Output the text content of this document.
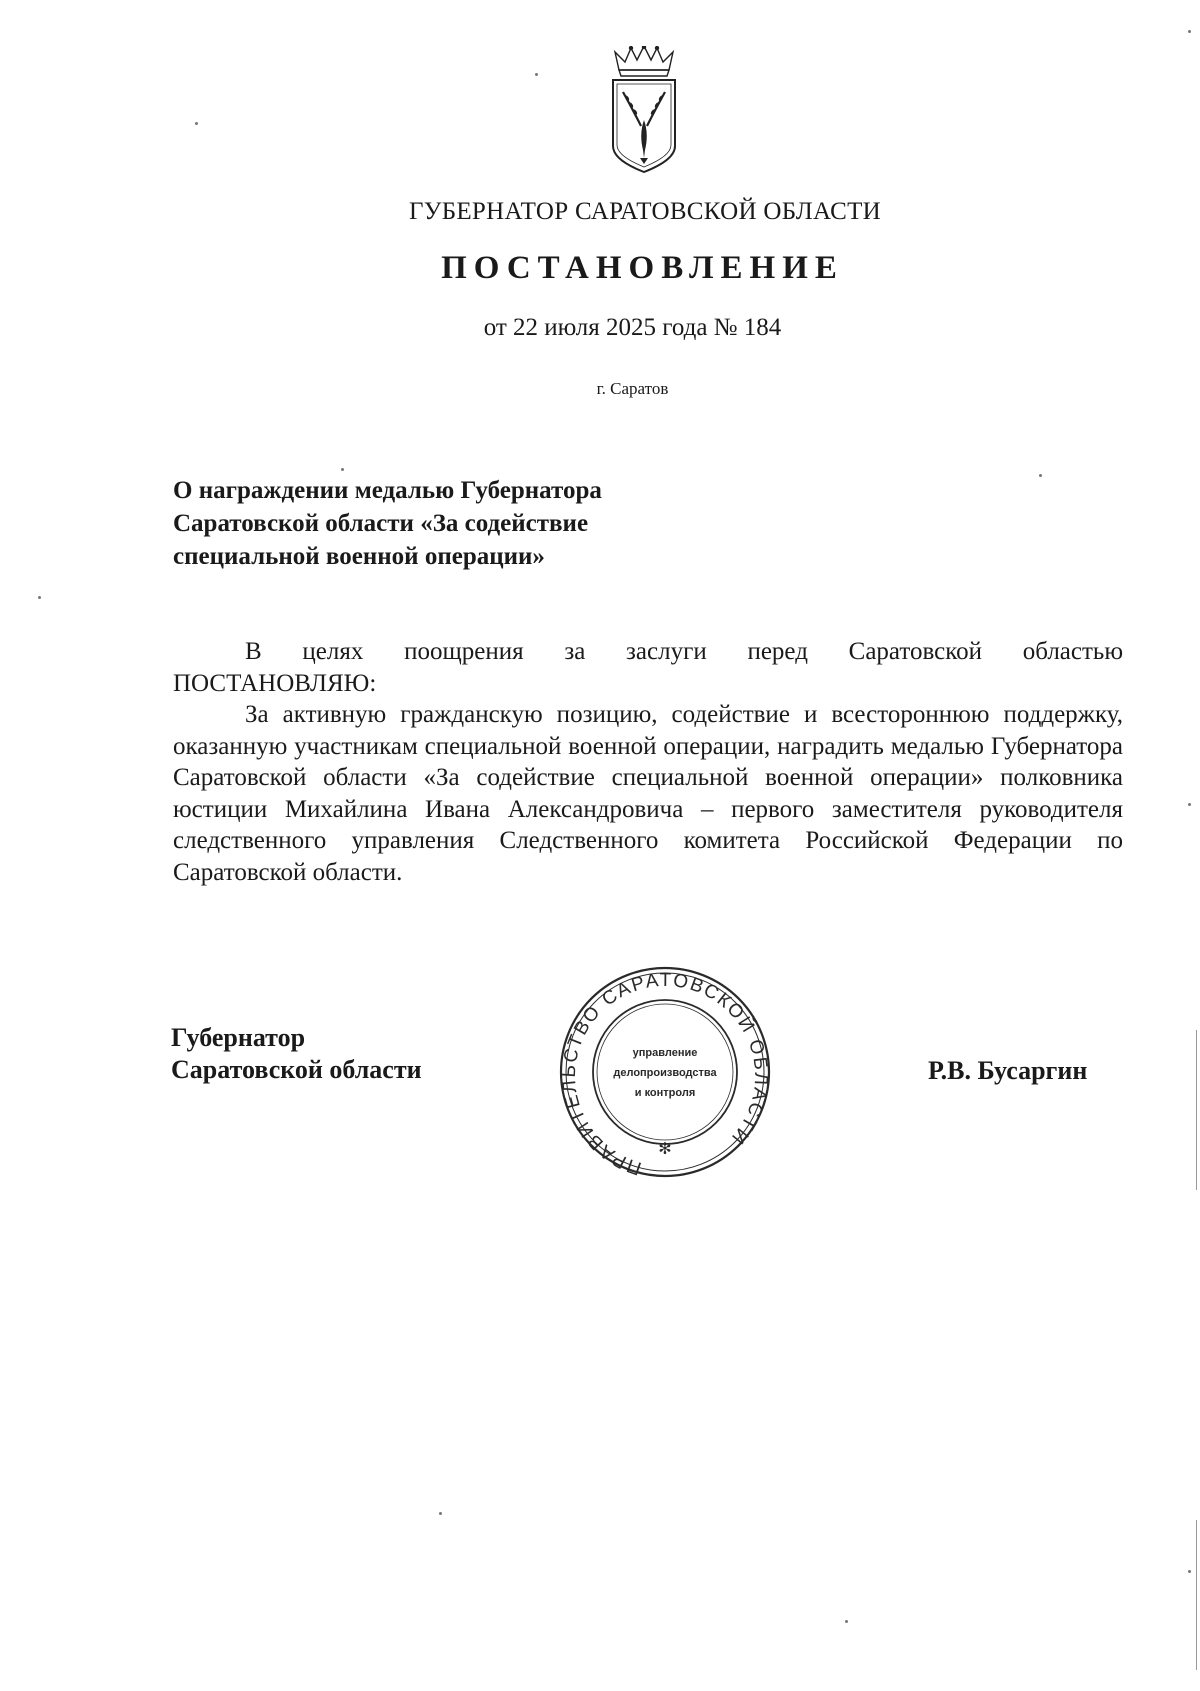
ГУБЕРНАТОР САРАТОВСКОЙ ОБЛАСТИ
ПОСТАНОВЛЕНИЕ
от 22 июля 2025 года № 184
г. Саратов
О награждении медалью Губернатора
Саратовской области «За содействие
специальной военной операции»

В целях поощрения за заслуги перед Саратовской областью

ПОСТАНОВЛЯЮ:

За активную гражданскую позицию, содействие и всестороннюю поддержку, оказанную участникам специальной военной операции, наградить медалью Губернатора Саратовской области «За содействие специальной военной операции» полковника юстиции Михайлина Ивана Александровича – первого заместителя руководителя следственного управления Следственного комитета Российской Федерации по Саратовской области.

Губернатор
Саратовской области
ПРАВИТЕЛЬСТВО САРАТОВСКОЙ ОБЛАСТИ
✻
управление
делопроизводства
и контроля
Р.В. Бусаргин
